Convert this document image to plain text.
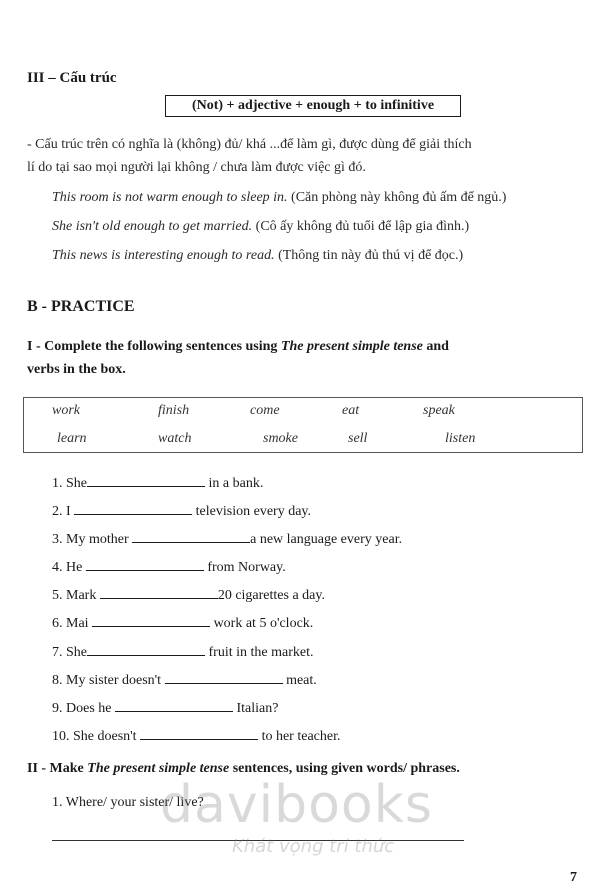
III – Cấu trúc
(Not) + adjective + enough + to infinitive
- Cấu trúc trên có nghĩa là (không) đủ/ khá ...để làm gì, được dùng để giải thích
lí do tại sao mọi người lại không / chưa làm được việc gì đó.
This room is not warm enough to sleep in. (Căn phòng này không đủ ấm để ngủ.)
She isn't old enough to get married. (Cô ấy không đủ tuổi để lập gia đình.)
This news is interesting enough to read. (Thông tin này đủ thú vị để đọc.)
B - PRACTICE
I - Complete the following sentences using The present simple tense and
verbs in the box.
work	finish	come	eat	speak
learn	watch	smoke	sell	listen
1. She	in a bank.
2. I	television every day.
3. My mother	a new language every year.
4. He	from Norway.
5. Mark	20 cigarettes a day.
6. Mai	work at 5 o'clock.
7. She	fruit in the market.
8. My sister doesn't	meat.
9. Does he	Italian?
10. She doesn't	to her teacher.
II - Make The present simple tense sentences, using given words/ phrases.
1. Where/ your sister/ live?
davibooks
Khát vọng tri thức
7
